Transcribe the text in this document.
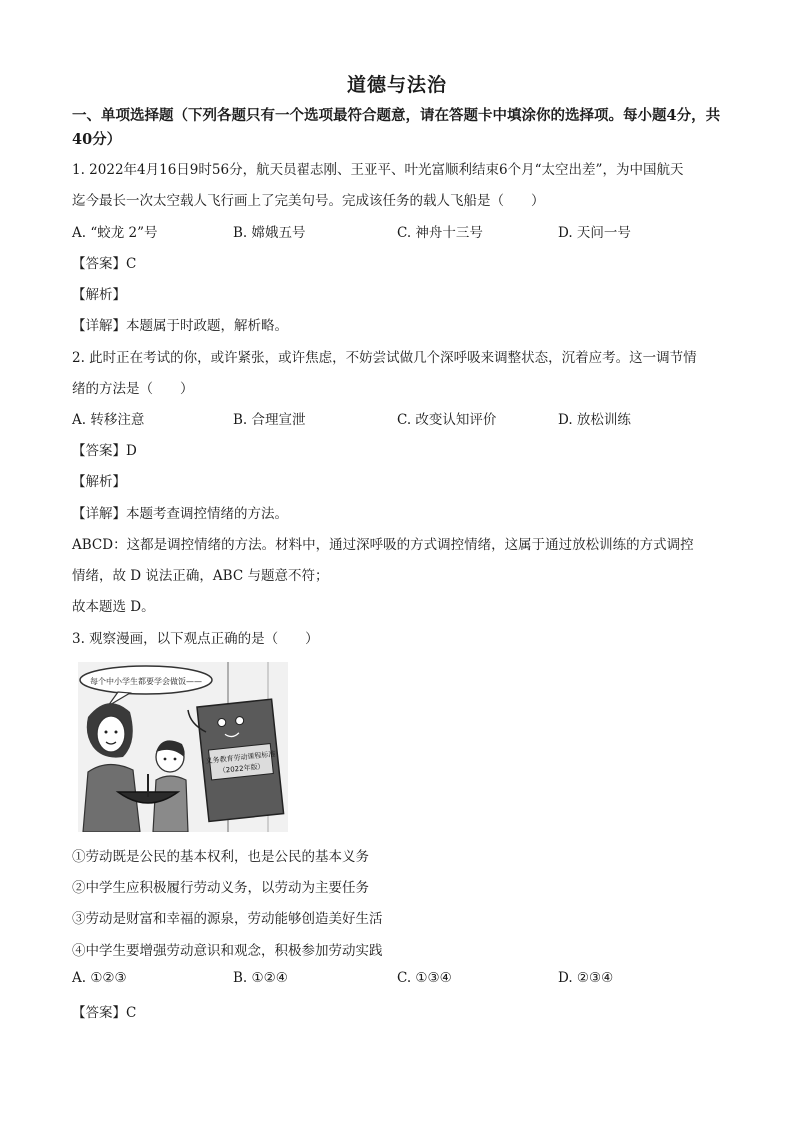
道德与法治
一、单项选择题（下列各题只有一个选项最符合题意，请在答题卡中填涂你的选择项。每小题4分，共40分）
1. 2022年4月16日9时56分，航天员翟志刚、王亚平、叶光富顺利结束6个月“太空出差”，为中国航天
迄今最长一次太空载人飞行画上了完美句号。完成该任务的载人飞船是（　　）
A. “蛟龙 2”号	B. 嫦娥五号	C. 神舟十三号	D. 天问一号
【答案】C
【解析】
【详解】本题属于时政题，解析略。
2. 此时正在考试的你，或许紧张，或许焦虑，不妨尝试做几个深呼吸来调整状态，沉着应考。这一调节情
绪的方法是（　　）
A. 转移注意	B. 合理宣泄	C. 改变认知评价	D. 放松训练
【答案】D
【解析】
【详解】本题考查调控情绪的方法。
ABCD：这都是调控情绪的方法。材料中，通过深呼吸的方式调控情绪，这属于通过放松训练的方式调控
情绪，故 D 说法正确，ABC 与题意不符；
故本题选 D。
3. 观察漫画，以下观点正确的是（　　）
每个中小学生都要学会做饭——
义务教育劳动课程标准
（2022年版）
①劳动既是公民的基本权利，也是公民的基本义务
②中学生应积极履行劳动义务，以劳动为主要任务
③劳动是财富和幸福的源泉，劳动能够创造美好生活
④中学生要增强劳动意识和观念，积极参加劳动实践
A. ①②③	B. ①②④	C. ①③④	D. ②③④
【答案】C
